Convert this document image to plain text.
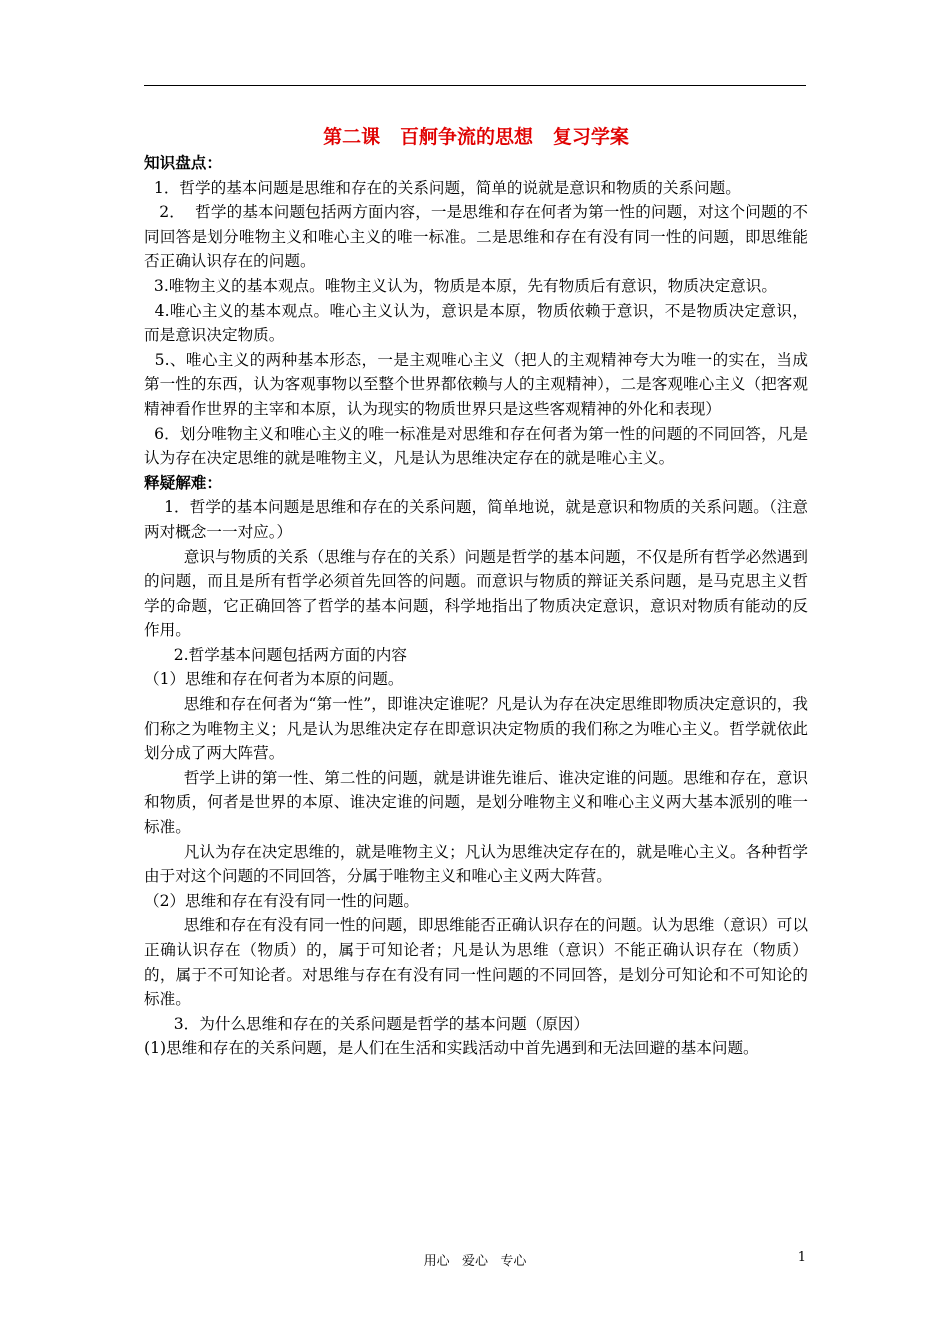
第二课   百舸争流的思想   复习学案

知识盘点：

1．哲学的基本问题是思维和存在的关系问题，简单的说就是意识和物质的关系问题。

2．  哲学的基本问题包括两方面内容，一是思维和存在何者为第一性的问题，对这个问题的不同回答是划分唯物主义和唯心主义的唯一标准。二是思维和存在有没有同一性的问题，即思维能否正确认识存在的问题。

3.唯物主义的基本观点。唯物主义认为，物质是本原，先有物质后有意识，物质决定意识。

4.唯心主义的基本观点。唯心主义认为，意识是本原，物质依赖于意识，不是物质决定意识，而是意识决定物质。

5.、唯心主义的两种基本形态，一是主观唯心主义（把人的主观精神夸大为唯一的实在，当成第一性的东西，认为客观事物以至整个世界都依赖与人的主观精神），二是客观唯心主义（把客观精神看作世界的主宰和本原，认为现实的物质世界只是这些客观精神的外化和表现）

6．划分唯物主义和唯心主义的唯一标准是对思维和存在何者为第一性的问题的不同回答，凡是认为存在决定思维的就是唯物主义，凡是认为思维决定存在的就是唯心主义。

释疑解难：

1．哲学的基本问题是思维和存在的关系问题，简单地说，就是意识和物质的关系问题。（注意两对概念一一对应。）

意识与物质的关系（思维与存在的关系）问题是哲学的基本问题，不仅是所有哲学必然遇到的问题，而且是所有哲学必须首先回答的问题。而意识与物质的辩证关系问题，是马克思主义哲学的命题，它正确回答了哲学的基本问题，科学地指出了物质决定意识，意识对物质有能动的反作用。

2.哲学基本问题包括两方面的内容

（1）思维和存在何者为本原的问题。

思维和存在何者为“第一性”，即谁决定谁呢？凡是认为存在决定思维即物质决定意识的，我们称之为唯物主义；凡是认为思维决定存在即意识决定物质的我们称之为唯心主义。哲学就依此划分成了两大阵营。

哲学上讲的第一性、第二性的问题，就是讲谁先谁后、谁决定谁的问题。思维和存在，意识和物质，何者是世界的本原、谁决定谁的问题，是划分唯物主义和唯心主义两大基本派别的唯一标准。

凡认为存在决定思维的，就是唯物主义；凡认为思维决定存在的，就是唯心主义。各种哲学由于对这个问题的不同回答，分属于唯物主义和唯心主义两大阵营。

（2）思维和存在有没有同一性的问题。

思维和存在有没有同一性的问题，即思维能否正确认识存在的问题。认为思维（意识）可以正确认识存在（物质）的，属于可知论者；凡是认为思维（意识）不能正确认识存在（物质）的，属于不可知论者。对思维与存在有没有同一性问题的不同回答，是划分可知论和不可知论的标准。

3．为什么思维和存在的关系问题是哲学的基本问题（原因）

(1)思维和存在的关系问题，是人们在生活和实践活动中首先遇到和无法回避的基本问题。

用心   爱心   专心	1
